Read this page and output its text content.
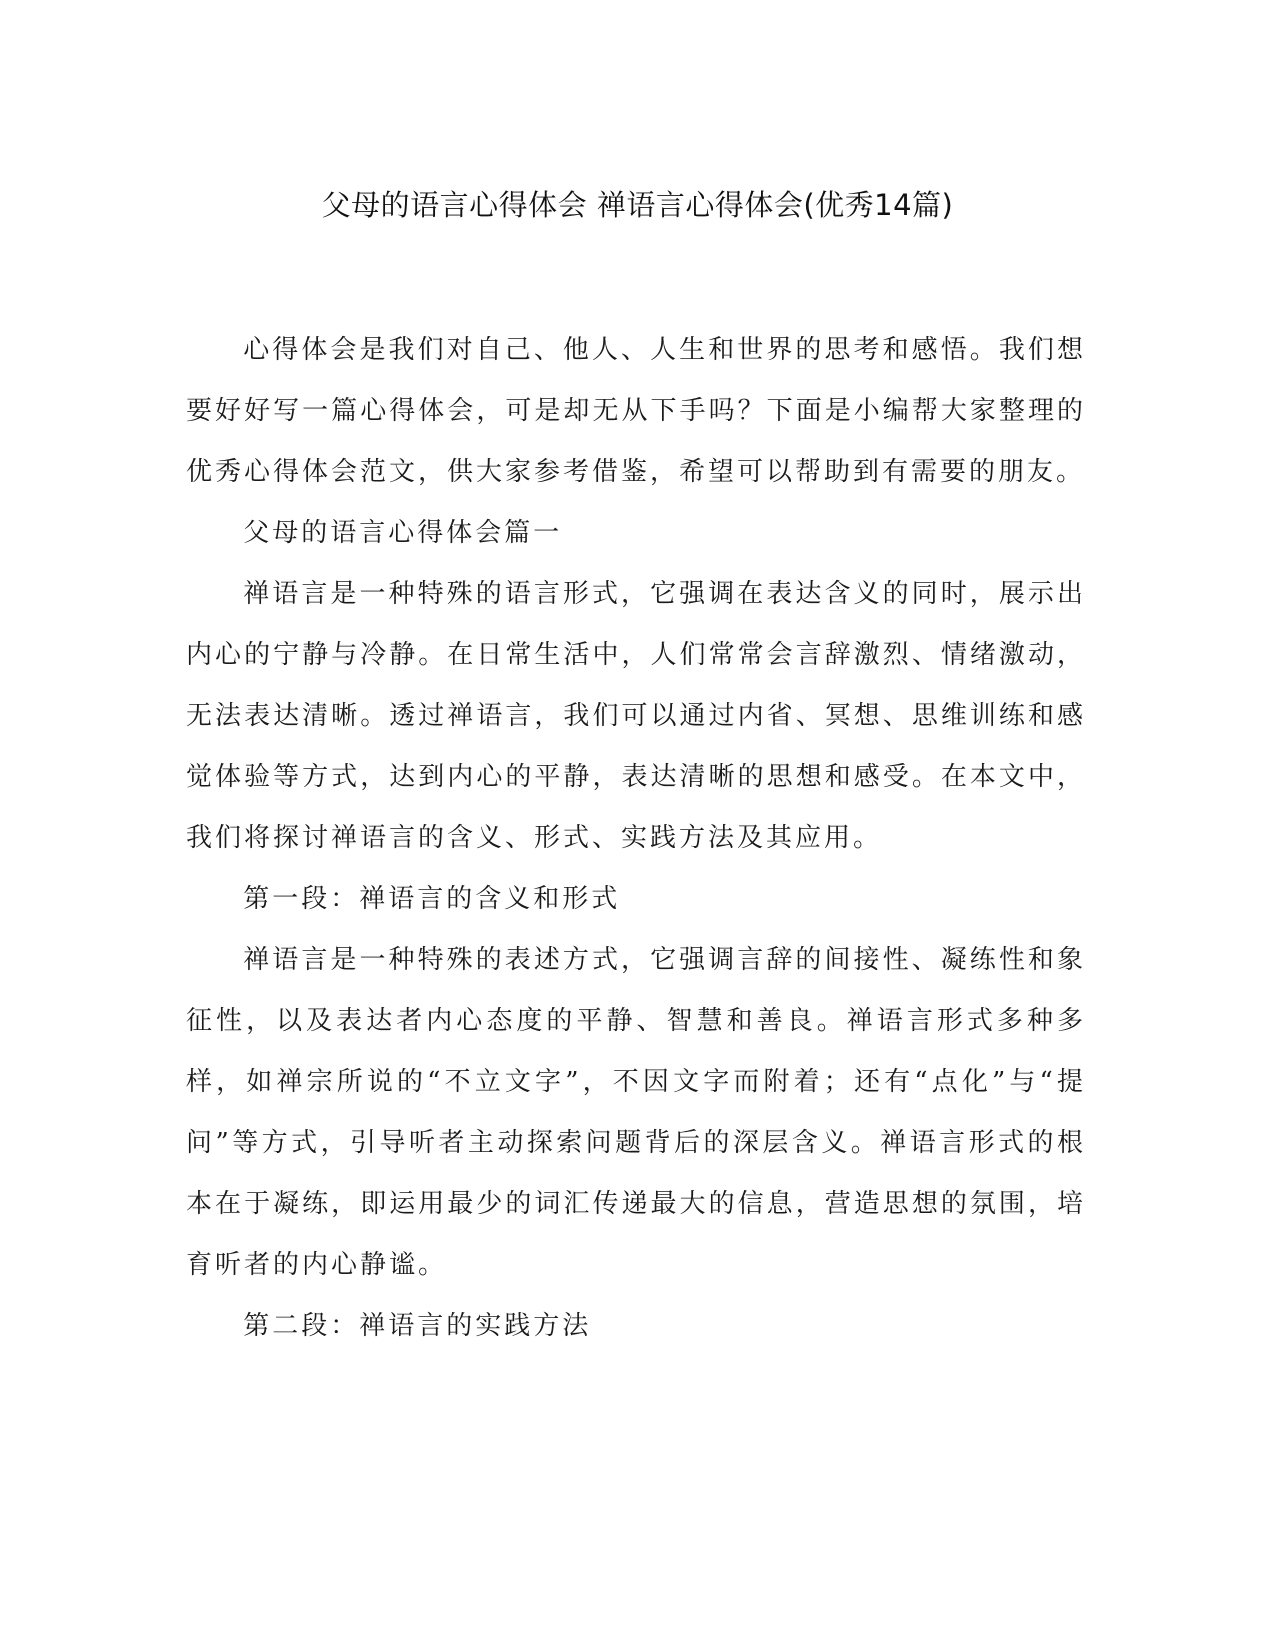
父母的语言心得体会 禅语言心得体会(优秀14篇)

心得体会是我们对自己、他人、人生和世界的思考和感悟。我们想要好好写一篇心得体会，可是却无从下手吗？下面是小编帮大家整理的优秀心得体会范文，供大家参考借鉴，希望可以帮助到有需要的朋友。

父母的语言心得体会篇一

禅语言是一种特殊的语言形式，它强调在表达含义的同时，展示出内心的宁静与冷静。在日常生活中，人们常常会言辞激烈、情绪激动，无法表达清晰。透过禅语言，我们可以通过内省、冥想、思维训练和感觉体验等方式，达到内心的平静，表达清晰的思想和感受。在本文中，我们将探讨禅语言的含义、形式、实践方法及其应用。

第一段：禅语言的含义和形式

禅语言是一种特殊的表述方式，它强调言辞的间接性、凝练性和象征性，以及表达者内心态度的平静、智慧和善良。禅语言形式多种多样，如禅宗所说的“不立文字”，不因文字而附着；还有“点化”与“提问”等方式，引导听者主动探索问题背后的深层含义。禅语言形式的根本在于凝练，即运用最少的词汇传递最大的信息，营造思想的氛围，培育听者的内心静谧。

第二段：禅语言的实践方法
